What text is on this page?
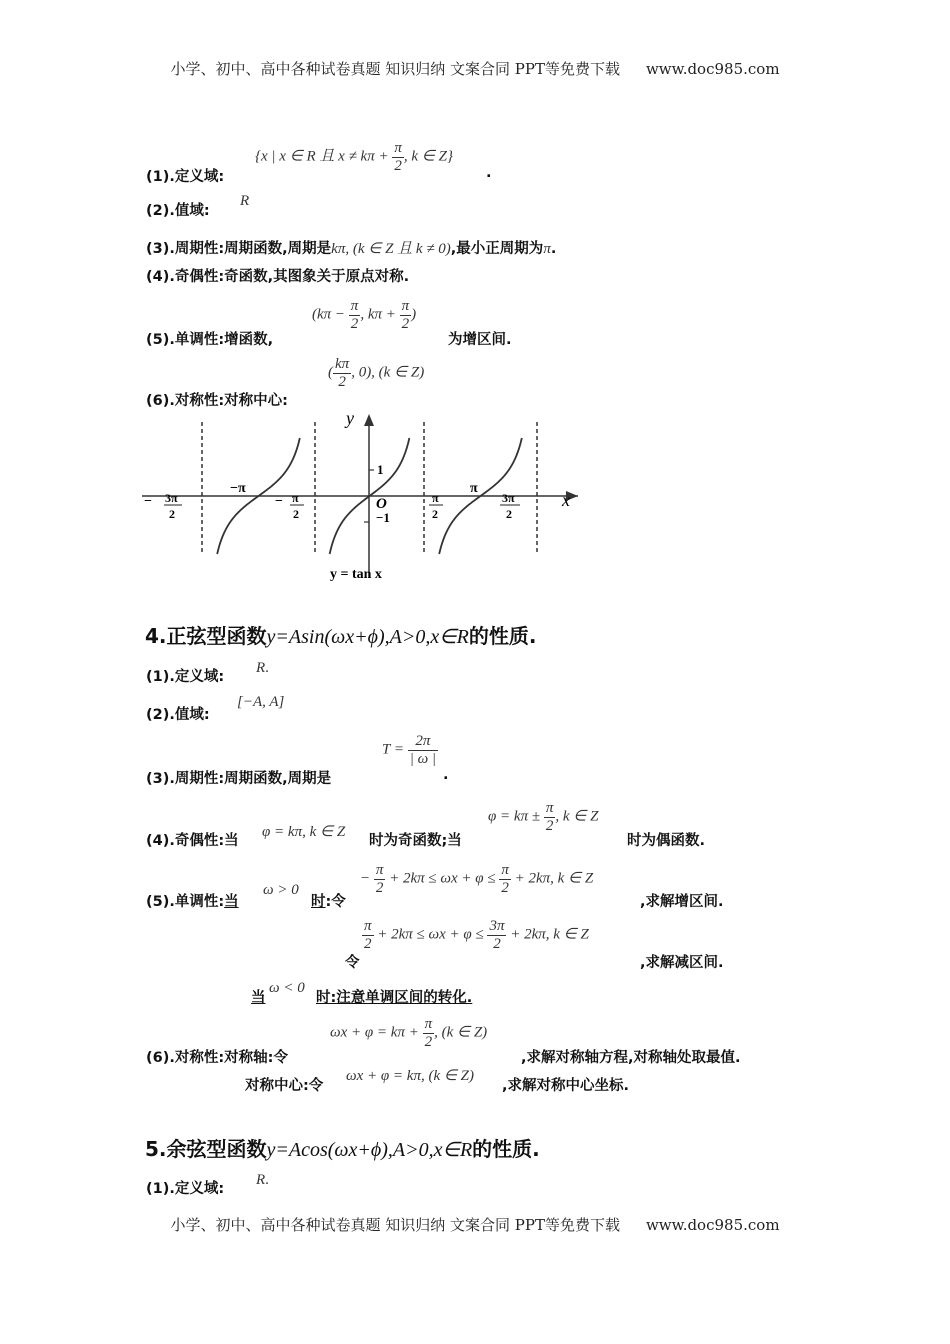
小学、初中、高中各种试卷真题 知识归纳 文案合同 PPT等免费下载 www.doc985.com
{x | x ∈ R 且 $x \ne k\pi + \frac{\pi}{2}$ , k ∈ Z}
(1).定义域:	.
(2).值域:
R
(3).周期性:周期函数,周期是kπ, (k ∈ Z 且 k ≠ 0),最小正周期为π.
(4).奇偶性:奇函数,其图象关于原点对称.
(5).单调性:增函数,
($k\pi - \frac{\pi}{2}$ , $k\pi + \frac{\pi}{2}$ )
为增区间.
(6).对称性:对称中心:
( $\frac{k\pi}{2}$ , 0), (k ∈ Z)
y
x
O
1
−1
−π	π
− 3π
2
− π
2
π
2
3π
2
y = tan x
4.正弦型函数y=Asin(ωx+ϕ),A>0,x∈R的性质.
(1).定义域:
R.
(2).值域:
[−A, A]
$T = \frac{2\pi}{| \omega |}$
(3).周期性:周期函数,周期是	.
(4).奇偶性:当
φ = kπ, k ∈ Z
时为奇函数;当
$\varphi = k\pi \pm \frac{\pi}{2}$ , k ∈ Z
时为偶函数.
(5).单调性:当
ω > 0
时:令
− $\frac{\pi}{2} + 2k\pi \le \omega x + \varphi \le \frac{\pi}{2} + 2k\pi$, k ∈ Z
,求解增区间.
令
$\frac{\pi}{2} + 2k\pi \le \omega x + \varphi \le \frac{3\pi}{2} + 2k\pi$, k ∈ Z
,求解减区间.
当
ω < 0
时:注意单调区间的转化.
(6).对称性:对称轴:令
$\omega x + \varphi = k\pi + \frac{\pi}{2}$ , (k ∈ Z)
,求解对称轴方程,对称轴处取最值.
对称中心:令
ωx + φ = kπ, (k ∈ Z)
,求解对称中心坐标.
5.余弦型函数y=Acos(ωx+ϕ),A>0,x∈R的性质.
(1).定义域:
R.
小学、初中、高中各种试卷真题 知识归纳 文案合同 PPT等免费下载 www.doc985.com
